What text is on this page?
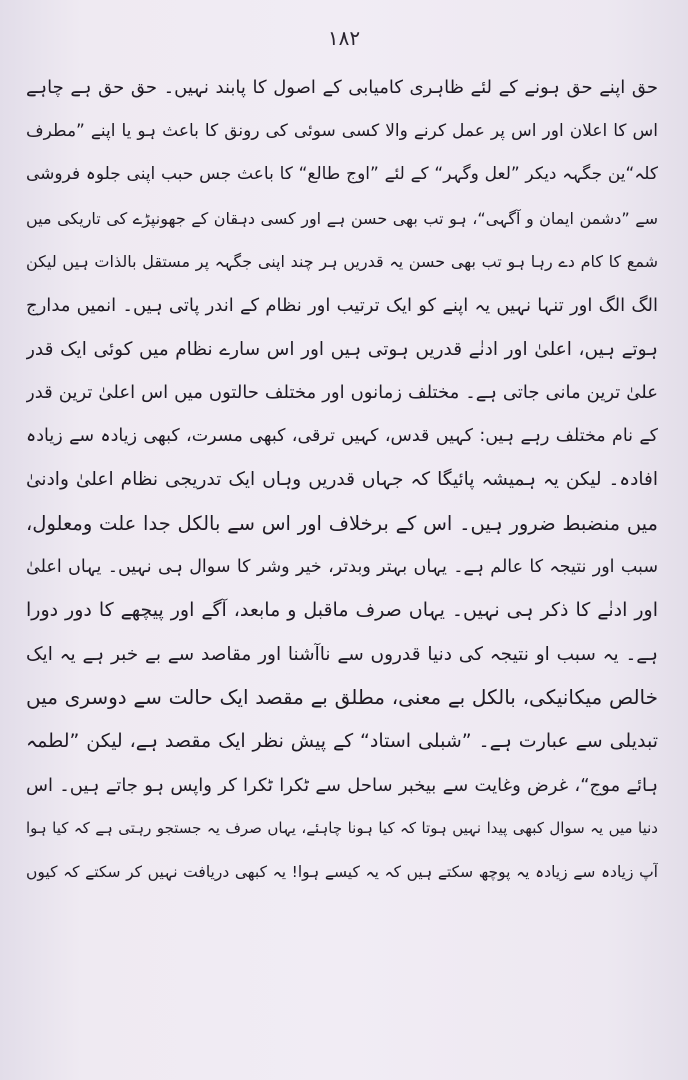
۱۸۲
حق اپنے حق ہونے کے لئے ظاہری کامیابی کے اصول کا پابند نہیں۔ حق حق ہے چاہے
اس کا اعلان اور اس پر عمل کرنے والا کسی سوئی کی رونق کا باعث ہو یا اپنے ”مطرف
کلہ“ین جگہہ دیکر ”لعل وگہر“ کے لئے ”اوج طالع“ کا باعث جس حبب اپنی جلوہ فروشی
سے ”دشمن ایمان و آگہی“، ہو تب بھی حسن ہے اور کسی دہقان کے جھونپڑے کی تاریکی میں
شمع کا کام دے رہا ہو تب بھی حسن یہ قدریں ہر چند اپنی جگہہ پر مستقل بالذات ہیں لیکن
الگ الگ اور تنہا نہیں یہ اپنے کو ایک ترتیب اور نظام کے اندر پاتی ہیں۔ انمیں مدارج
ہوتے ہیں، اعلیٰ اور ادنٰے قدریں ہوتی ہیں اور اس سارے نظام میں کوئی ایک قدر
علیٰ ترین مانی جاتی ہے۔ مختلف زمانوں اور مختلف حالتوں میں اس اعلیٰ ترین قدر
کے نام مختلف رہے ہیں: کہیں قدس، کہیں ترقی، کبھی مسرت، کبھی زیادہ سے زیادہ
افادہ۔ لیکن یہ ہمیشہ پائیگا کہ جہاں قدریں وہاں ایک تدریجی نظام اعلیٰ وادنیٰ
میں منضبط ضرور ہیں۔ اس کے برخلاف اور اس سے بالکل جدا علت ومعلول،
سبب اور نتیجہ کا عالم ہے۔ یہاں بہتر وبدتر، خیر وشر کا سوال ہی نہیں۔ یہاں اعلیٰ
اور ادنٰے کا ذکر ہی نہیں۔ یہاں صرف ماقبل و مابعد، آگے اور پیچھے کا دور دورا
ہے۔ یہ سبب او نتیجہ کی دنیا قدروں سے ناآشنا اور مقاصد سے بے خبر ہے یہ ایک
خالص میکانیکی، بالکل بے معنی، مطلق بے مقصد ایک حالت سے دوسری میں
تبدیلی سے عبارت ہے۔ ”شبلی استاد“ کے پیش نظر ایک مقصد ہے، لیکن ”لطمہ
ہائے موج“، غرض وغایت سے بیخبر ساحل سے ٹکرا ٹکرا کر واپس ہو جاتے ہیں۔ اس
دنیا میں یہ سوال کبھی پیدا نہیں ہوتا کہ کیا ہونا چاہئے، یہاں صرف یہ جستجو رہتی ہے کہ کیا ہوا
آپ زیادہ سے زیادہ یہ پوچھ سکتے ہیں کہ یہ کیسے ہوا! یہ کبھی دریافت نہیں کر سکتے کہ کیوں
